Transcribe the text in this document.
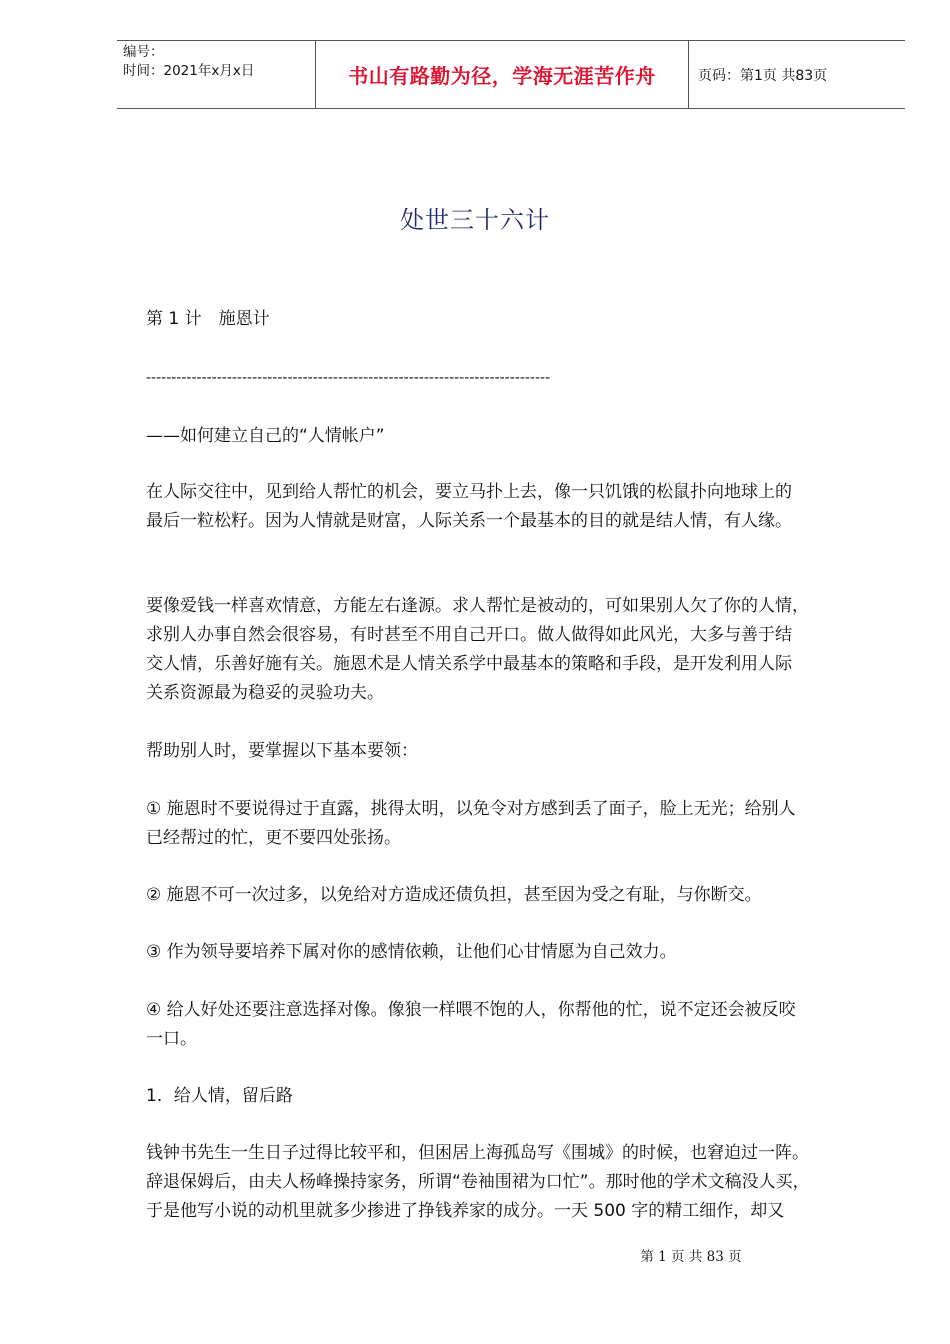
编号：
时间：2021年x月x日	书山有路勤为径，学海无涯苦作舟	页码：第1页 共83页
处世三十六计
第 1 计　施恩计
--------------------------------------------------------------------------------
——如何建立自己的“人情帐户”
在人际交往中，见到给人帮忙的机会，要立马扑上去，像一只饥饿的松鼠扑向地球上的
最后一粒松籽。因为人情就是财富，人际关系一个最基本的目的就是结人情，有人缘。
要像爱钱一样喜欢情意，方能左右逢源。求人帮忙是被动的，可如果别人欠了你的人情，
求别人办事自然会很容易，有时甚至不用自己开口。做人做得如此风光，大多与善于结
交人情，乐善好施有关。施恩术是人情关系学中最基本的策略和手段，是开发利用人际
关系资源最为稳妥的灵验功夫。
帮助别人时，要掌握以下基本要领：
① 施恩时不要说得过于直露，挑得太明，以免令对方感到丢了面子，脸上无光；给别人
已经帮过的忙，更不要四处张扬。
② 施恩不可一次过多，以免给对方造成还债负担，甚至因为受之有耻，与你断交。
③ 作为领导要培养下属对你的感情依赖，让他们心甘情愿为自己效力。
④ 给人好处还要注意选择对像。像狼一样喂不饱的人，你帮他的忙，说不定还会被反咬
一口。
1．给人情，留后路
钱钟书先生一生日子过得比较平和，但困居上海孤岛写《围城》的时候，也窘迫过一阵。
辞退保姆后，由夫人杨峰操持家务，所谓“卷袖围裙为口忙”。那时他的学术文稿没人买，
于是他写小说的动机里就多少掺进了挣钱养家的成分。一天 500 字的精工细作，却又
第 1 页 共 83 页
